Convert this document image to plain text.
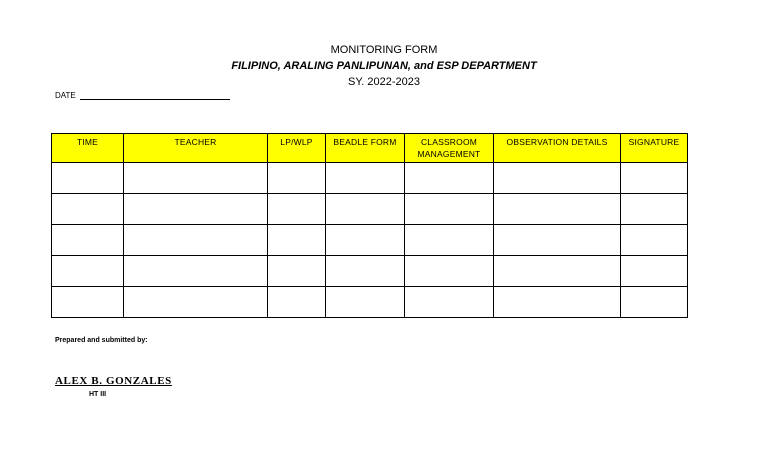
MONITORING FORM
FILIPINO, ARALING PANLIPUNAN, and ESP DEPARTMENT
SY. 2022-2023
DATE
TIME	TEACHER	LP/WLP	BEADLE FORM	CLASSROOM MANAGEMENT	OBSERVATION DETAILS	SIGNATURE

Prepared and submitted by:
ALEX B. GONZALES
HT III
